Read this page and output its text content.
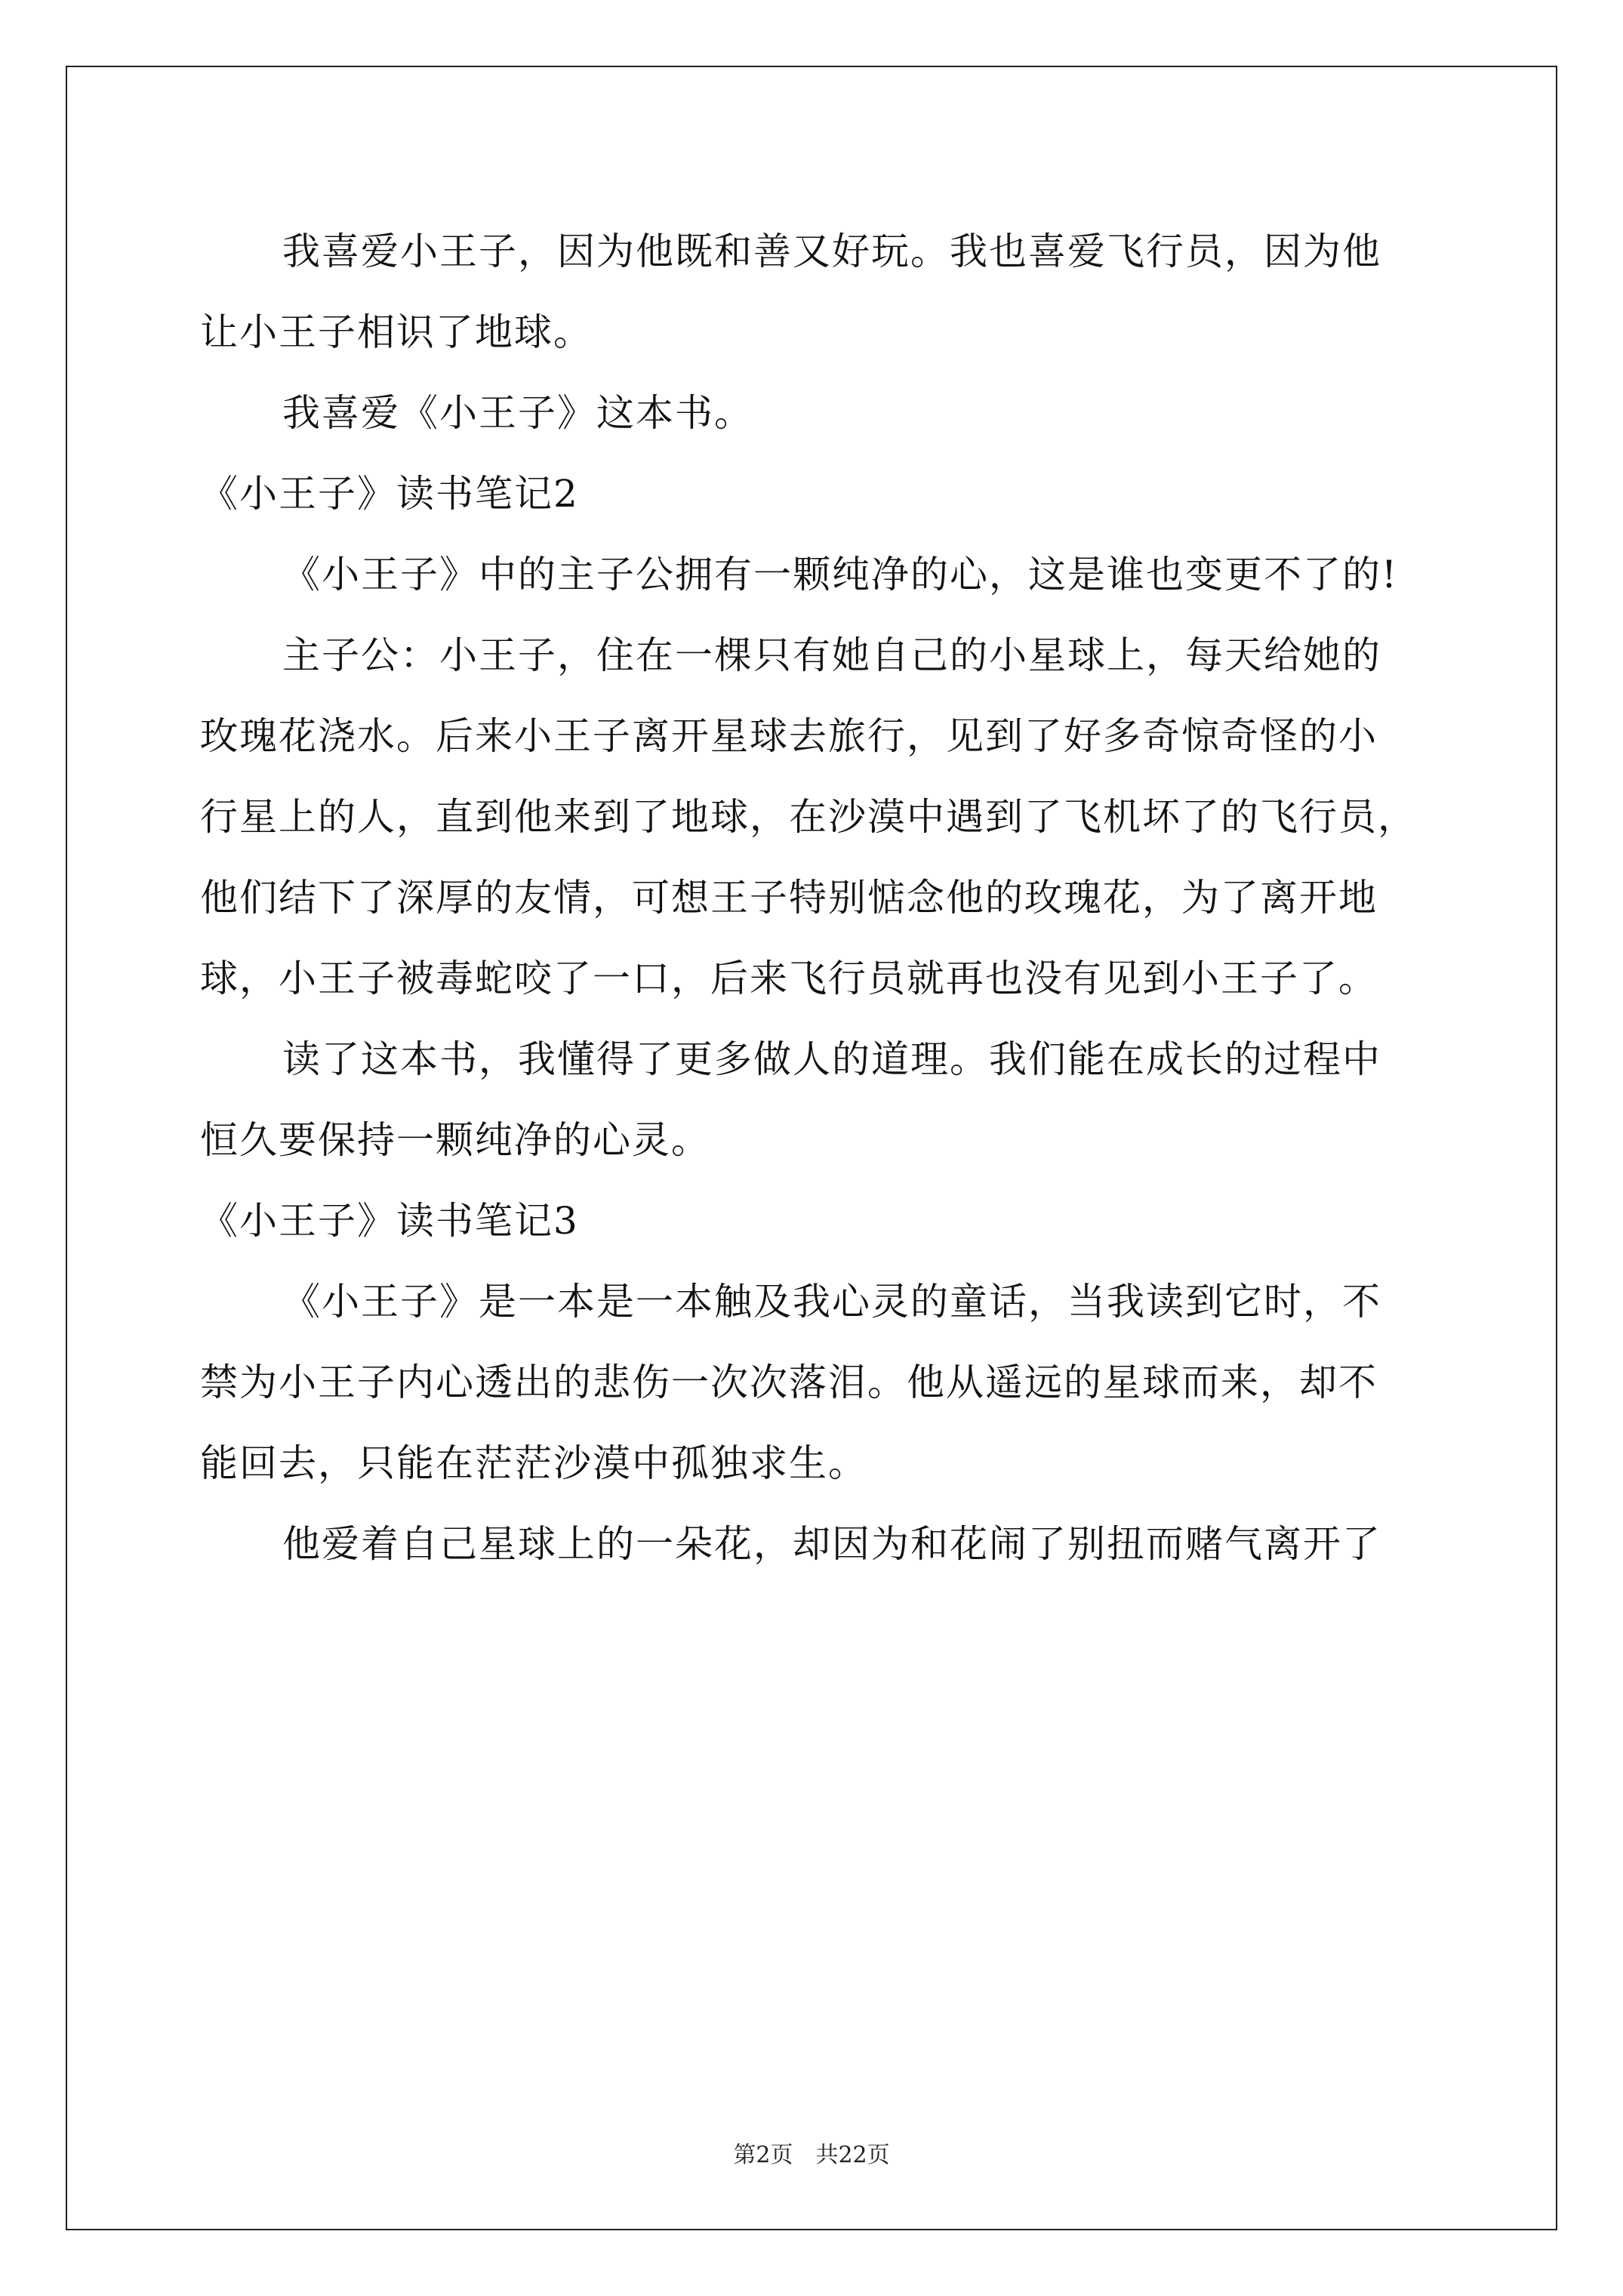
我喜爱小王子，因为他既和善又好玩。我也喜爱飞行员，因为他
让小王子相识了地球。
我喜爱《小王子》这本书。
《小王子》读书笔记2
《小王子》中的主子公拥有一颗纯净的心，这是谁也变更不了的!
主子公：小王子，住在一棵只有她自己的小星球上，每天给她的
玫瑰花浇水。后来小王子离开星球去旅行，见到了好多奇惊奇怪的小
行星上的人，直到他来到了地球，在沙漠中遇到了飞机坏了的飞行员，
他们结下了深厚的友情，可想王子特别惦念他的玫瑰花，为了离开地
球，小王子被毒蛇咬了一口，后来飞行员就再也没有见到小王子了。
读了这本书，我懂得了更多做人的道理。我们能在成长的过程中
恒久要保持一颗纯净的心灵。
《小王子》读书笔记3
《小王子》是一本是一本触及我心灵的童话，当我读到它时，不
禁为小王子内心透出的悲伤一次次落泪。他从遥远的星球而来，却不
能回去，只能在茫茫沙漠中孤独求生。
他爱着自己星球上的一朵花，却因为和花闹了别扭而赌气离开了
第2页　共22页
